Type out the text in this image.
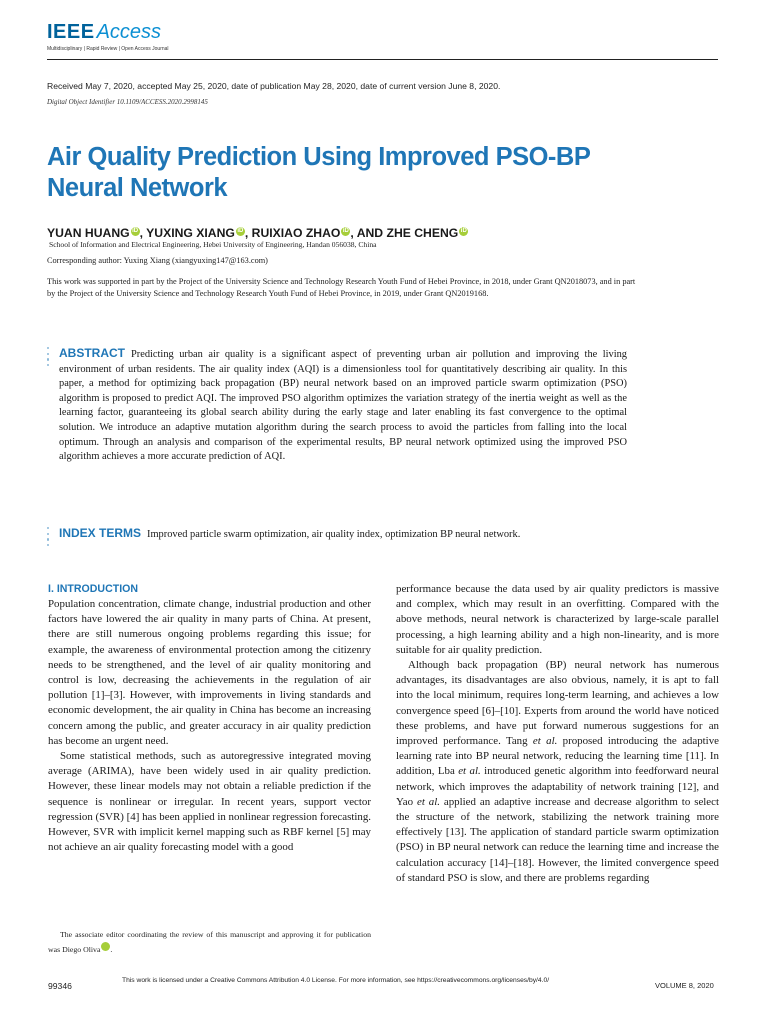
IEEE Access
Multidisciplinary | Rapid Review | Open Access Journal
Received May 7, 2020, accepted May 25, 2020, date of publication May 28, 2020, date of current version June 8, 2020.
Digital Object Identifier 10.1109/ACCESS.2020.2998145
Air Quality Prediction Using Improved PSO-BP
Neural Network
YUAN HUANG iD , YUXING XIANG iD , RUIXIAO ZHAO iD , AND ZHE CHENG iD
School of Information and Electrical Engineering, Hebei University of Engineering, Handan 056038, China
Corresponding author: Yuxing Xiang (xiangyuxing147@163.com)
This work was supported in part by the Project of the University Science and Technology Research Youth Fund of Hebei Province, in 2018, under Grant QN2018073, and in part by the Project of the University Science and Technology Research Youth Fund of Hebei Province, in 2019, under Grant QN2019168.
ABSTRACT Predicting urban air quality is a significant aspect of preventing urban air pollution and improving the living environment of urban residents. The air quality index (AQI) is a dimensionless tool for quantitatively describing air quality. In this paper, a method for optimizing back propagation (BP) neural network based on an improved particle swarm optimization (PSO) algorithm is proposed to predict AQI. The improved PSO algorithm optimizes the variation strategy of the inertia weight as well as the learning factor, guaranteeing its global search ability during the early stage and later enabling its fast convergence to the optimal solution. We introduce an adaptive mutation algorithm during the search process to avoid the particles from falling into the local optimum. Through an analysis and comparison of the experimental results, BP neural network optimized using the improved PSO algorithm achieves a more accurate prediction of AQI.
INDEX TERMS Improved particle swarm optimization, air quality index, optimization BP neural network.
I. INTRODUCTION

Population concentration, climate change, industrial production and other factors have lowered the air quality in many parts of China. At present, there are still numerous ongoing problems regarding this issue; for example, the awareness of environmental protection among the citizenry needs to be strengthened, and the level of air quality monitoring and control is low, decreasing the achievements in the regulation of air pollution [1]–[3]. However, with improvements in living standards and economic development, the air quality in China has become an increasing concern among the public, and greater accuracy in air quality prediction has become an urgent need.

Some statistical methods, such as autoregressive integrated moving average (ARIMA), have been widely used in air quality prediction. However, these linear models may not obtain a reliable prediction if the sequence is nonlinear or irregular. In recent years, support vector regression (SVR) [4] has been applied in nonlinear regression forecasting. However, SVR with implicit kernel mapping such as RBF kernel [5] may not achieve an air quality forecasting model with a good

performance because the data used by air quality predictors is massive and complex, which may result in an overfitting. Compared with the above methods, neural network is characterized by large-scale parallel processing, a high learning ability and a high non-linearity, and is more suitable for air quality prediction.

Although back propagation (BP) neural network has numerous advantages, its disadvantages are also obvious, namely, it is apt to fall into the local minimum, requires long-term learning, and achieves a low convergence speed [6]–[10]. Experts from around the world have noticed these problems, and have put forward numerous suggestions for an improved performance. Tang et al. proposed introducing the adaptive learning rate into BP neural network, reducing the learning time [11]. In addition, Lba et al. introduced genetic algorithm into feedforward neural network, which improves the adaptability of network training [12], and Yao et al. applied an adaptive increase and decrease algorithm to select the structure of the network, stabilizing the network training more effectively [13]. The application of standard particle swarm optimization (PSO) in BP neural network can reduce the learning time and increase the calculation accuracy [14]–[18]. However, the limited convergence speed of standard PSO is slow, and there are problems regarding

The associate editor coordinating the review of this manuscript and approving it for publication was Diego Oliva iD.
99346
This work is licensed under a Creative Commons Attribution 4.0 License. For more information, see https://creativecommons.org/licenses/by/4.0/
VOLUME 8, 2020
